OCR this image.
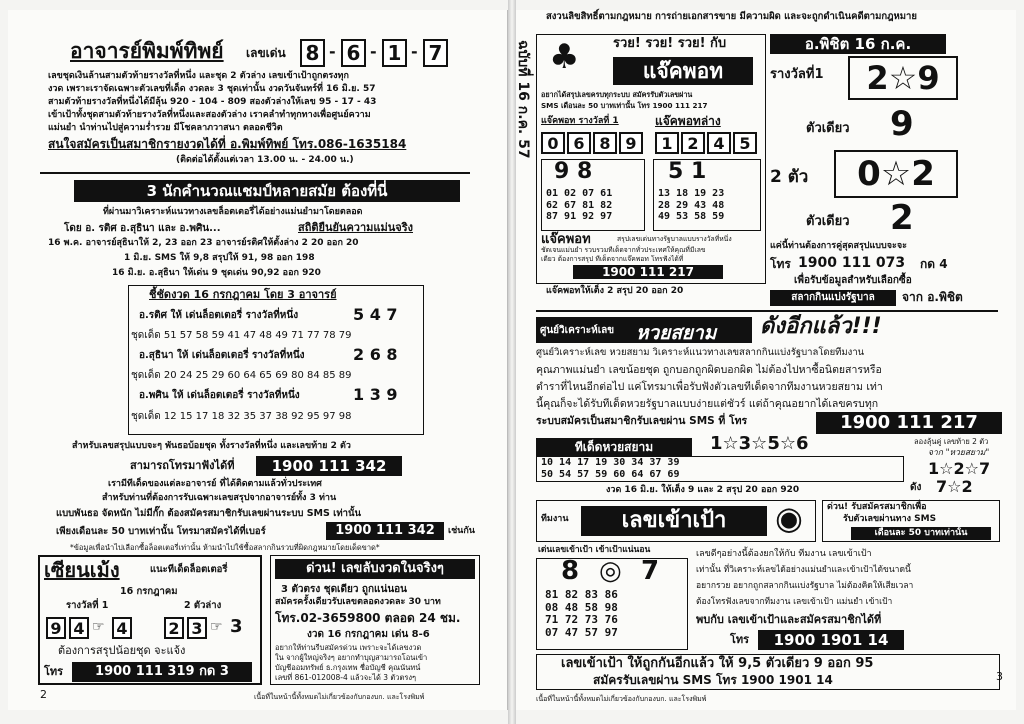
อาจารย์พิมพ์ทิพย์ เลขเด่น 8 - 6 - 1 - 7
เลขชุดเงินล้านสามตัวท้ายรางวัลที่หนึ่ง และชุด 2 ตัวล่าง เลขเข้าเป้าถูกตรงทุก
งวด เพราะเราจัดเฉพาะตัวเลขที่เด็ด งวดละ 3 ชุดเท่านั้น งวดวันจันทร์ที่ 16 มิ.ย. 57
สามตัวท้ายรางวัลที่หนึ่งได้มีลุ้น 920 - 104 - 809 สองตัวล่างให้เลข 95 - 17 - 43
เข้าเป้าทั้งชุดสามตัวท้ายรางวัลที่หนึ่งและสองตัวล่าง เราคลำทำทุกทางเพื่อศูนย์ความ
แม่นยำ นำท่านไปสู่ความร่ำรวย มีโชคลาภวาสนา ตลอดชีวิต
สนใจสมัครเป็นสมาชิกรายงวดได้ที่ อ.พิมพ์ทิพย์ โทร.086-1635184
(ติดต่อได้ตั้งแต่เวลา 13.00 น. - 24.00 น.)
3 นักคำนวณแชมป์หลายสมัย ต้องที่นี่
ที่ผ่านมาวิเคราะห์แนวทางเลขล็อตเตอรี่ได้อย่างแม่นยำมาโดยตลอด
โดย อ. รติศ อ.สุธินา และ อ.พศิน...	สถิติยืนยันความแม่นจริง
16 พ.ค. อาจารย์สุธินาให้ 2, 23 ออก 23 อาจารย์รติศให้ตั้งล่าง 2 20 ออก 20
1 มิ.ย. SMS ให้ 9,8 สรุปให้ 91, 98 ออก 198
16 มิ.ย. อ.สุธินา ให้เด่น 9 ชุดเด่น 90,92 ออก 920
ชี้ชัดงวด 16 กรกฎาคม โดย 3 อาจารย์
อ.รติศ ให้ เด่นล็อตเตอรี่ รางวัลที่หนึ่ง	5 4 7
ชุดเด็ด 51 57 58 59 41 47 48 49 71 77 78 79
อ.สุธินา ให้ เด่นล็อตเตอรี่ รางวัลที่หนึ่ง	2 6 8
ชุดเด็ด 20 24 25 29 60 64 65 69 80 84 85 89
อ.พศิน ให้ เด่นล็อตเตอรี่ รางวัลที่หนึ่ง	1 3 9
ชุดเด็ด 12 15 17 18 32 35 37 38 92 95 97 98
สำหรับเลขสรุปแบบจะๆ พันธอบ้อยชุด ทั้งรางวัลที่หนึ่ง และเลขท้าย 2 ตัว
สามารถโทรมาฟังได้ที่	1900 111 342
เรามีทีเด็ดของแต่ละอาจารย์ ที่ได้ติดตามแล้วทั่วประเทศ
สำหรับท่านที่ต้องการรับเฉพาะเลขสรุปจากอาจารย์ทั้ง 3 ท่าน
แบบพันธอ จัดหนัก ไม่มีกั๊ก ต้องสมัครสมาชิกรับเลขผ่านระบบ SMS เท่านั้น
เพียงเดือนละ 50 บาทเท่านั้น โทรมาสมัครได้ที่เบอร์	1900 111 342	เช่นกัน
*ข้อมูลเพื่อนำไปเลือกซื้อล็อตเตอรี่เท่านั้น ห้ามนำไปใช้ซื้อสลากกินรวบที่ผิดกฎหมายโดยเด็ดขาด*
เซียนเม้ง	แนะทีเด็ดล็อตเตอรี่
16 กรกฎาคม
รางวัลที่ 1	2 ตัวล่าง
9 4 ☞ 4	2 3 ☞ 3
ต้องการสรุปน้อยชุด จะแจ้ง
โทร	1900 111 319 กด 3
ด่วน! เลขลับงวดในจริงๆ
3 ตัวตรง ชุดเดียว ถูกแน่นอน
สมัครครั้งเดียวรับเลขตลอดงวดละ 30 บาท
โทร.02-3659800 ตลอด 24 ชม.
งวด 16 กรกฎาคม เด่น 8-6
อยากให้ท่านรีบสมัครด่วน เพราะจะได้เลขงวด
ใน จากผู้ใหญ่จริงๆ อยากทำบุญสามารถโอนเข้า
บัญชีออมทรัพย์ ธ.กรุงเทพ ชื่อบัญชี คุณนันทน์
เลขที่ 861-012008-4 แล้วจะได้ 3 ตัวตรงๆ
2	เนื้อที่ในหน้านี้ทั้งหมดไม่เกี่ยวข้องกับกองบก. และโรงพิมพ์
สงวนลิขสิทธิ์ตามกฎหมาย การถ่ายเอกสารขาย มีความผิด และจะถูกดำเนินคดีตามกฎหมาย
ฉบับที่ 16 ก.ค. 57	รวย! รวย! รวย! กับ
♣	แจ๊คพอท
อยากได้สรุปเลขครบทุกระบบ สมัครรับตัวเลขผ่าน
SMS เดือนละ 50 บาทเท่านั้น โทร 1900 111 217
แจ๊คพอท รางวัลที่ 1	แจ๊คพอทล่าง
0 6 8 9	1 2 4 5
9 8
01 02 07 61
62 67 81 82
87 91 92 97
5 1
13 18 19 23
28 29 43 48
49 53 58 59
แจ๊คพอท	สรุปเลขเด่นทางรัฐบาลแบบรางวัลที่หนึ่ง
ชัดเจนแม่นยำ รวบรวมทีเด็ดจากทั่วประเทศให้คุณที่มีเลข
เดียว ต้องการสรุป ทีเด็ดจากแจ๊คพอท โทรฟังได้ที่
1900 111 217
แจ๊คพอทให้เต็ง 2 สรุป 20 ออก 20
อ.พิชิต 16 ก.ค.
รางวัลที่1	2☆9
ตัวเดียว 9
2 ตัว	0☆2
ตัวเดียว 2
แค่นี้ท่านต้องการคู่สุดสรุปแบบจะจะ
โทร 1900 111 073 กด 4
เพื่อรับข้อมูลสำหรับเลือกซื้อ
สลากกินแบ่งรัฐบาล	จาก อ.พิชิต
ศูนย์วิเคราะห์เลข หวยสยาม ดังอีกแล้ว!!!
ศูนย์วิเคราะห์เลข หวยสยาม วิเคราะห์แนวทางเลขสลากกินแบ่งรัฐบาลโดยทีมงาน
คุณภาพแม่นยำ เลขน้อยชุด ถูกบอกถูกผิดบอกผิด ไม่ต้องไปหาซื้อนิตยสารหรือ
ตำราที่ไหนอีกต่อไป แค่โทรมาเพื่อรับฟังตัวเลขทีเด็ดจากทีมงานหวยสยาม เท่า
นี้คุณก็จะได้รับทีเด็ดหวยรัฐบาลแบบง่ายแต่ชัวร์ แต่ถ้าคุณอยากได้เลขครบทุก
ระบบสมัครเป็นสมาชิกรับเลขผ่าน SMS ที่ โทร	1900 111 217
ทีเด็ดหวยสยาม	1☆3☆5☆6	ลองลุ้นคู่ เลขท้าย 2 ตัว
จาก "หวยสยาม"
1☆2☆7
ดัง 7☆2
10 14 17 19 30 34 37 39
50 54 57 59 60 64 67 69
งวด 16 มิ.ย. ให้เต็ง 9 และ 2 สรุป 20 ออก 920
ทีมงาน	เลขเข้าเป้า	◉	ด่วน! รับสมัครสมาชิกเพื่อ
รับตัวเลขผ่านทาง SMS
เดือนละ 50 บาทเท่านั้น
เด่นเลขเข้าเป้า เข้าเป้าแน่นอน
8 ◎ 7
81 82 83 86
08 48 58 98
71 72 73 76
07 47 57 97
เลขดีๆอย่างนี้ต้องยกให้กับ ทีมงาน เลขเข้าเป้า
เท่านั้น ที่วิเคราะห์เลขได้อย่างแม่นยำและเข้าเป้าได้ขนาดนี้
อยากรวย อยากถูกสลากกินแบ่งรัฐบาล ไม่ต้องคิดให้เสียเวลา
ต้องโทรฟังเลขจากทีมงาน เลขเข้าเป้า แม่นยำ เข้าเป้า
พบกับ เลขเข้าเป้าและสมัครสมาชิกได้ที่
โทร	1900 1901 14
เลขเข้าเป้า ให้ถูกกันอีกแล้ว ให้ 9,5 ตัวเดียว 9 ออก 95
สมัครรับเลขผ่าน SMS โทร 1900 1901 14
เนื้อที่ในหน้านี้ทั้งหมดไม่เกี่ยวข้องกับกองบก. และโรงพิมพ์
3
